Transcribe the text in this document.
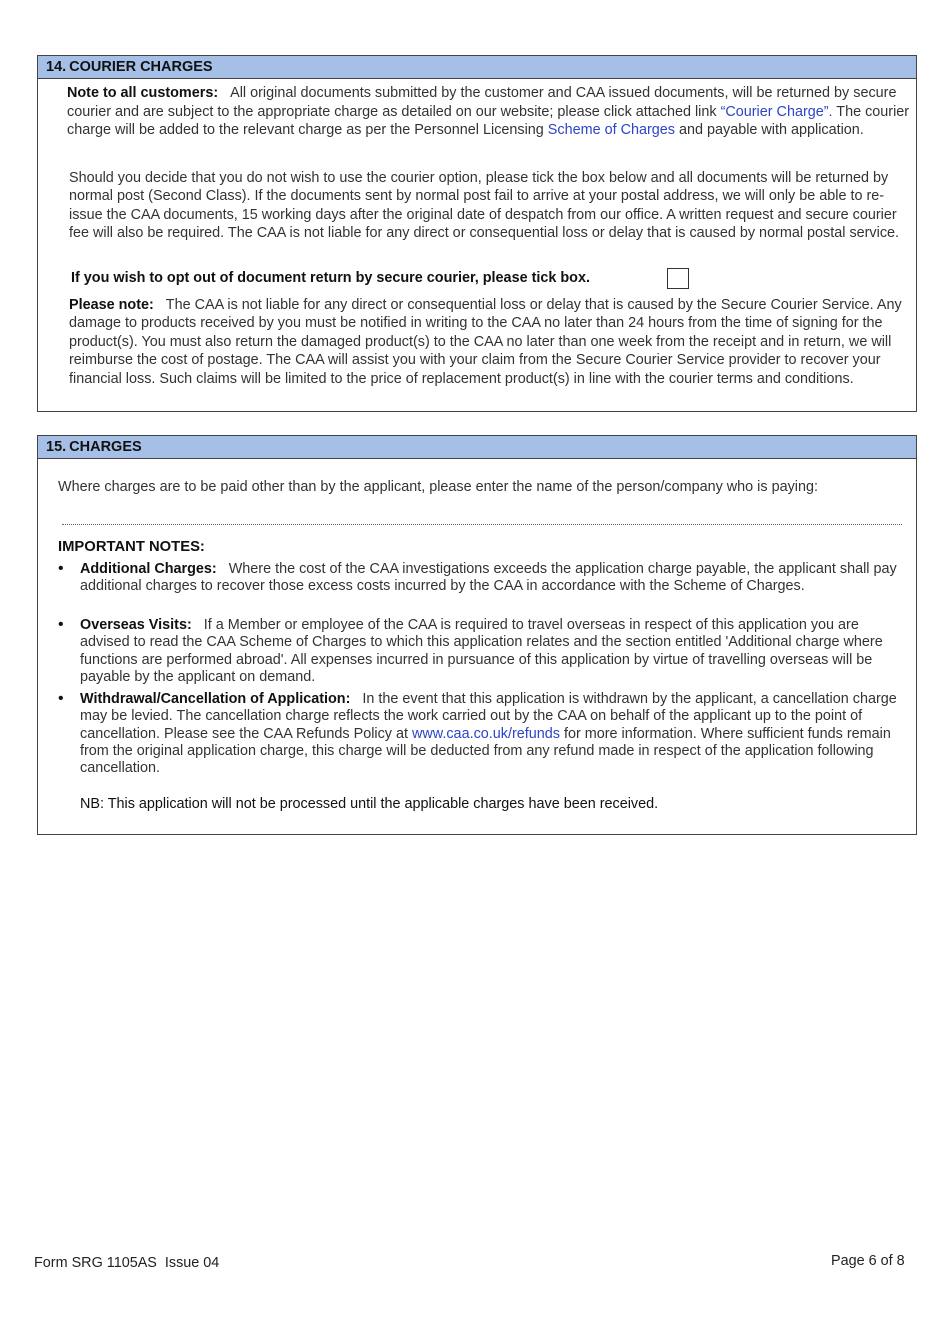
14. COURIER CHARGES
Note to all customers: All original documents submitted by the customer and CAA issued documents, will be returned by secure courier and are subject to the appropriate charge as detailed on our website; please click attached link “Courier Charge”. The courier charge will be added to the relevant charge as per the Personnel Licensing Scheme of Charges and payable with application.
Should you decide that you do not wish to use the courier option, please tick the box below and all documents will be returned by normal post (Second Class). If the documents sent by normal post fail to arrive at your postal address, we will only be able to re-issue the CAA documents, 15 working days after the original date of despatch from our office. A written request and secure courier fee will also be required. The CAA is not liable for any direct or consequential loss or delay that is caused by normal postal service.
If you wish to opt out of document return by secure courier, please tick box.
Please note: The CAA is not liable for any direct or consequential loss or delay that is caused by the Secure Courier Service. Any damage to products received by you must be notified in writing to the CAA no later than 24 hours from the time of signing for the product(s). You must also return the damaged product(s) to the CAA no later than one week from the receipt and in return, we will reimburse the cost of postage. The CAA will assist you with your claim from the Secure Courier Service provider to recover your financial loss. Such claims will be limited to the price of replacement product(s) in line with the courier terms and conditions.
15. CHARGES
Where charges are to be paid other than by the applicant, please enter the name of the person/company who is paying:
IMPORTANT NOTES:
• Additional Charges: Where the cost of the CAA investigations exceeds the application charge payable, the applicant shall pay additional charges to recover those excess costs incurred by the CAA in accordance with the Scheme of Charges.
• Overseas Visits: If a Member or employee of the CAA is required to travel overseas in respect of this application you are advised to read the CAA Scheme of Charges to which this application relates and the section entitled 'Additional charge where functions are performed abroad'. All expenses incurred in pursuance of this application by virtue of travelling overseas will be payable by the applicant on demand.
• Withdrawal/Cancellation of Application: In the event that this application is withdrawn by the applicant, a cancellation charge may be levied. The cancellation charge reflects the work carried out by the CAA on behalf of the applicant up to the point of cancellation. Please see the CAA Refunds Policy at www.caa.co.uk/refunds for more information. Where sufficient funds remain from the original application charge, this charge will be deducted from any refund made in respect of the application following cancellation.
NB: This application will not be processed until the applicable charges have been received.
Form SRG 1105AS  Issue 04	Page 6 of 8
